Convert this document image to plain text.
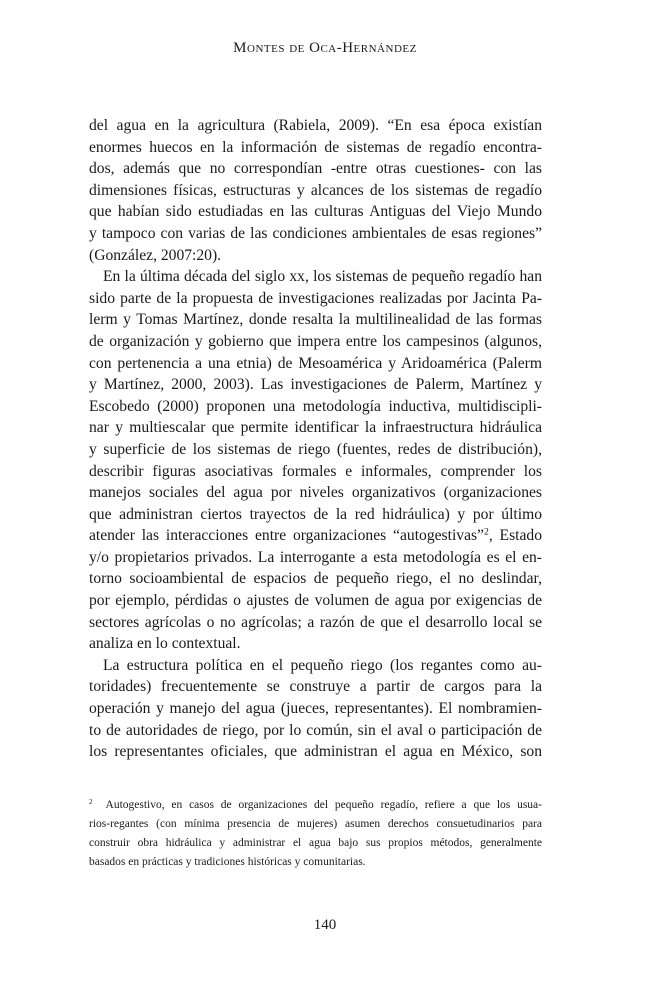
Montes de Oca-Hernández
del agua en la agricultura (Rabiela, 2009). “En esa época existían
enormes huecos en la información de sistemas de regadío encontra-
dos, además que no correspondían -entre otras cuestiones- con las
dimensiones físicas, estructuras y alcances de los sistemas de regadío
que habían sido estudiadas en las culturas Antiguas del Viejo Mundo
y tampoco con varias de las condiciones ambientales de esas regiones”
(González, 2007:20).
En la última década del siglo xx, los sistemas de pequeño regadío han
sido parte de la propuesta de investigaciones realizadas por Jacinta Pa-
lerm y Tomas Martínez, donde resalta la multilinealidad de las formas
de organización y gobierno que impera entre los campesinos (algunos,
con pertenencia a una etnia) de Mesoamérica y Aridoamérica (Palerm
y Martínez, 2000, 2003). Las investigaciones de Palerm, Martínez y
Escobedo (2000) proponen una metodología inductiva, multidiscipli-
nar y multiescalar que permite identificar la infraestructura hidráulica
y superficie de los sistemas de riego (fuentes, redes de distribución),
describir figuras asociativas formales e informales, comprender los
manejos sociales del agua por niveles organizativos (organizaciones
que administran ciertos trayectos de la red hidráulica) y por último
atender las interacciones entre organizaciones “autogestivas”$^2$, Estado
y/o propietarios privados. La interrogante a esta metodología es el en-
torno socioambiental de espacios de pequeño riego, el no deslindar,
por ejemplo, pérdidas o ajustes de volumen de agua por exigencias de
sectores agrícolas o no agrícolas; a razón de que el desarrollo local se
analiza en lo contextual.
La estructura política en el pequeño riego (los regantes como au-
toridades) frecuentemente se construye a partir de cargos para la
operación y manejo del agua (jueces, representantes). El nombramien-
to de autoridades de riego, por lo común, sin el aval o participación de
los representantes oficiales, que administran el agua en México, son
$^2$ Autogestivo, en casos de organizaciones del pequeño regadío, refiere a que los usua-
rios-regantes (con mínima presencia de mujeres) asumen derechos consuetudinarios para
construir obra hidráulica y administrar el agua bajo sus propios métodos, generalmente
basados en prácticas y tradiciones históricas y comunitarias.
140
